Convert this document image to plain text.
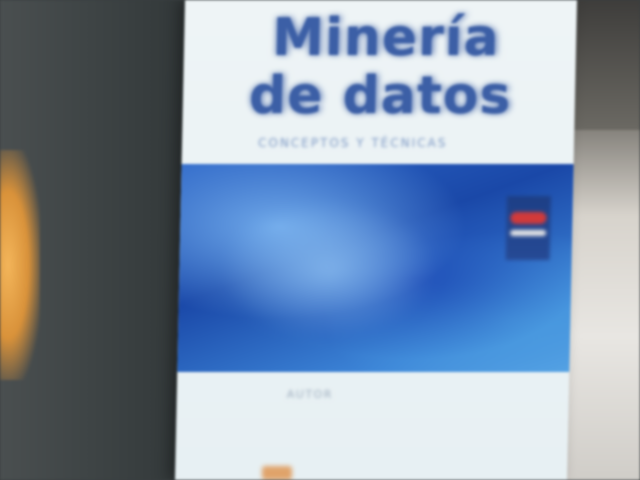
Minería
de datos
CONCEPTOS Y TÉCNICAS
AUTOR
